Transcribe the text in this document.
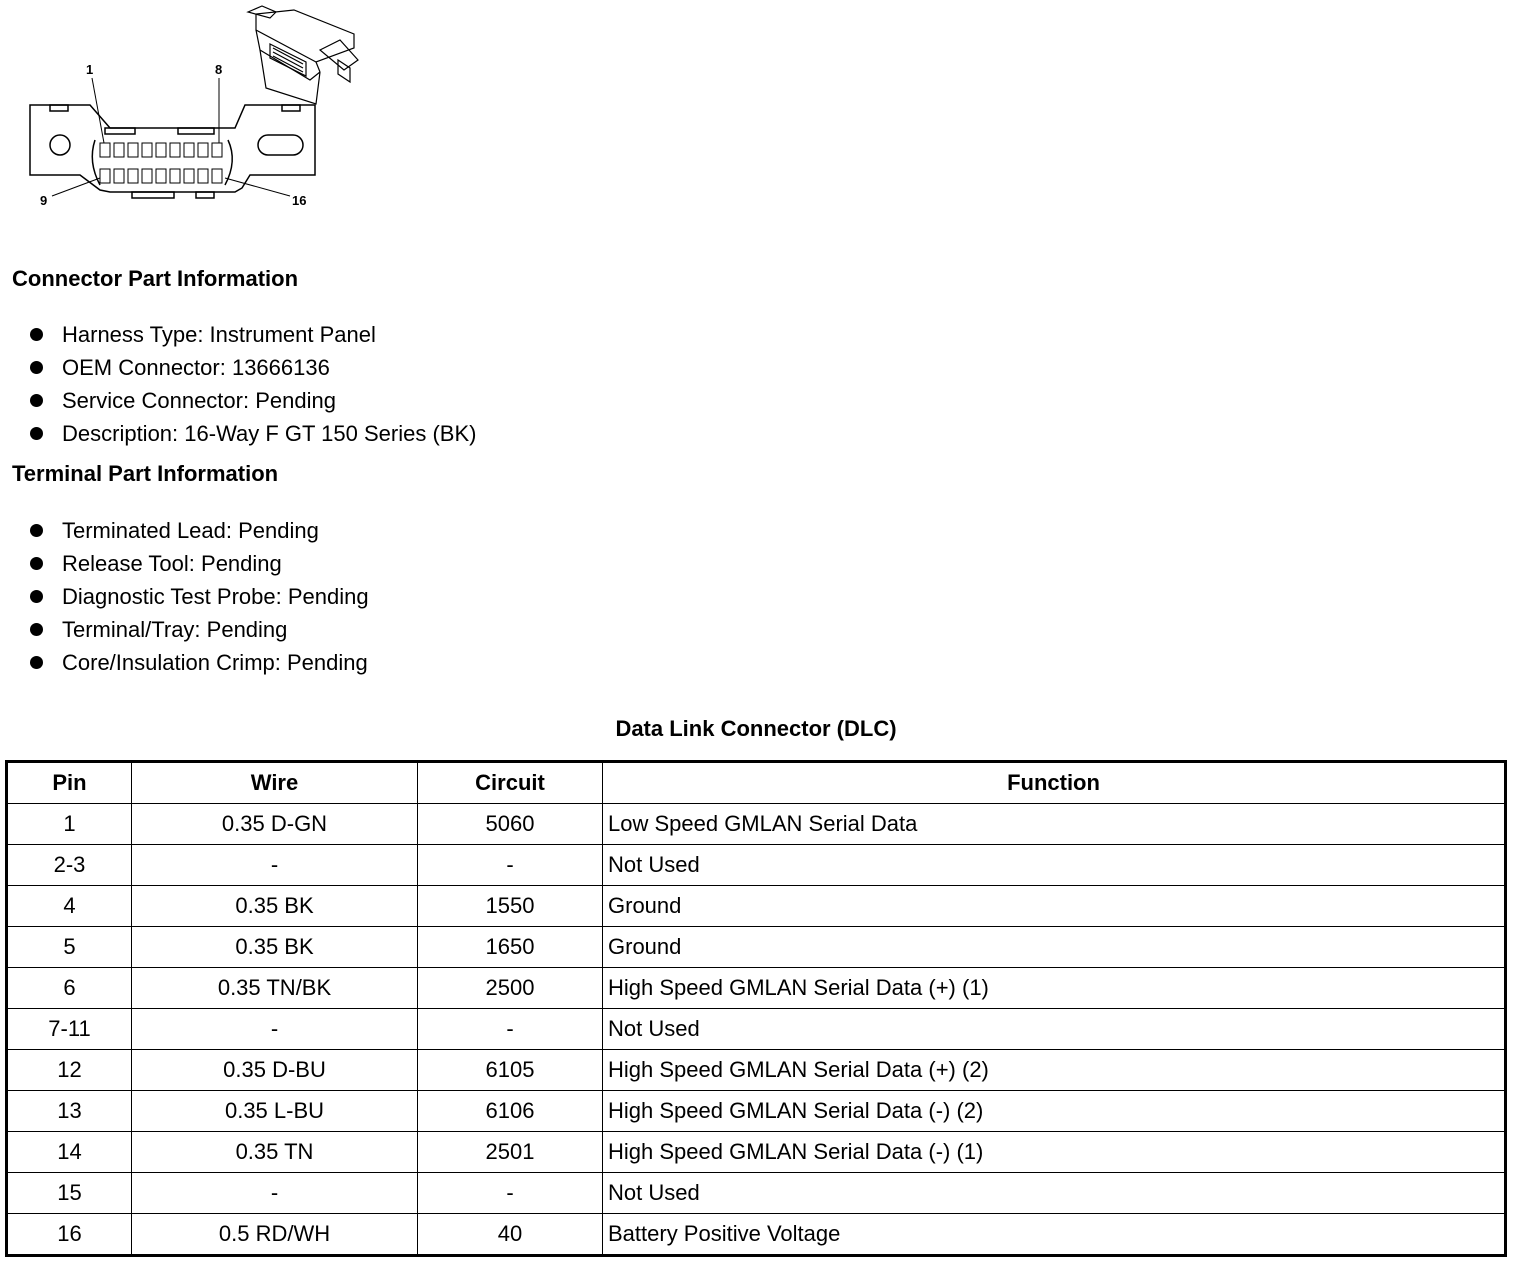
1	8
9	16
Connector Part Information
Harness Type: Instrument Panel
OEM Connector: 13666136
Service Connector: Pending
Description: 16-Way F GT 150 Series (BK)
Terminal Part Information
Terminated Lead: Pending
Release Tool: Pending
Diagnostic Test Probe: Pending
Terminal/Tray: Pending
Core/Insulation Crimp: Pending
Data Link Connector (DLC)
Pin	Wire	Circuit	Function
1	0.35 D-GN	5060	Low Speed GMLAN Serial Data
2-3	-	-	Not Used
4	0.35 BK	1550	Ground
5	0.35 BK	1650	Ground
6	0.35 TN/BK	2500	High Speed GMLAN Serial Data (+) (1)
7-11	-	-	Not Used
12	0.35 D-BU	6105	High Speed GMLAN Serial Data (+) (2)
13	0.35 L-BU	6106	High Speed GMLAN Serial Data (-) (2)
14	0.35 TN	2501	High Speed GMLAN Serial Data (-) (1)
15	-	-	Not Used
16	0.5 RD/WH	40	Battery Positive Voltage
